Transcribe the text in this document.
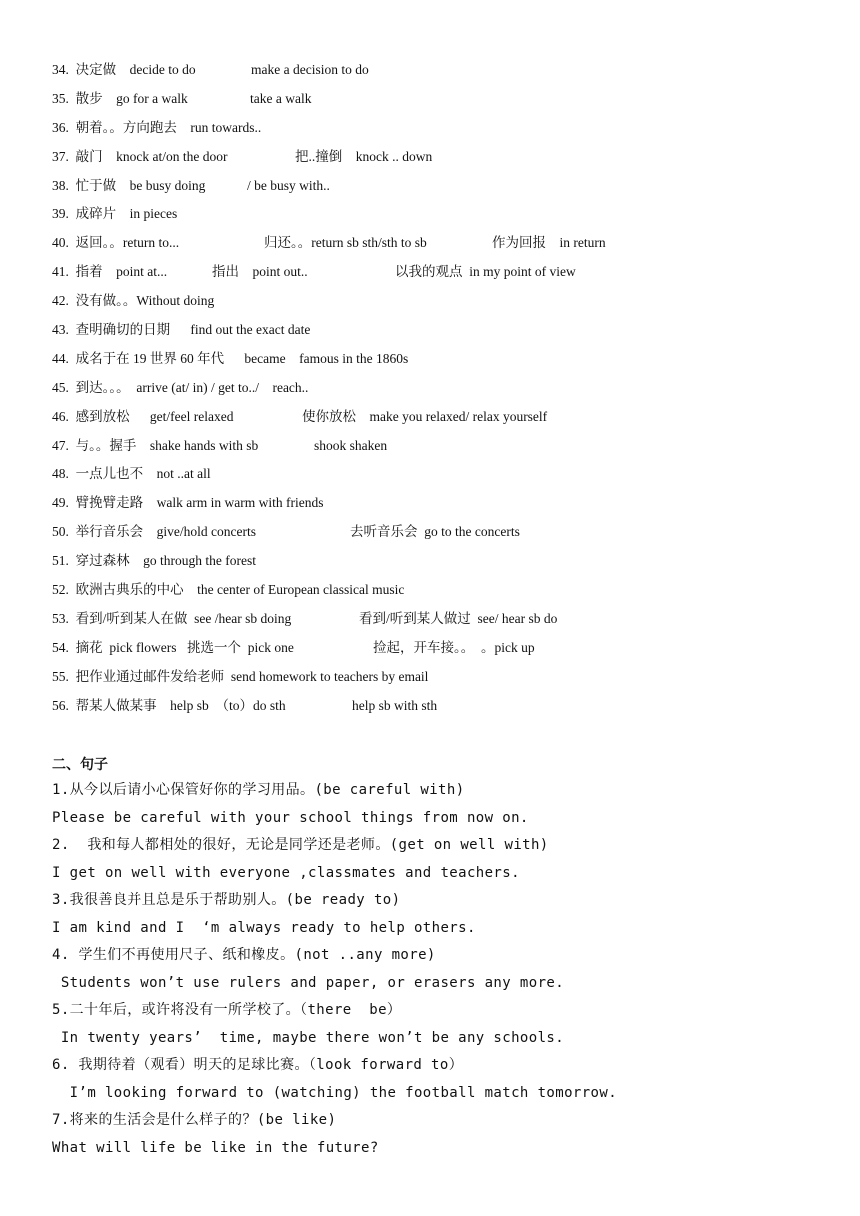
34.  决定做    decide to do	make a decision to do
35.  散步    go for a walk	take a walk
36.  朝着。。方向跑去    run towards..
37.  敲门    knock at/on the door	把..撞倒    knock .. down
38.  忙于做    be busy doing	/ be busy with..
39.  成碎片    in pieces
40.  返回。。return to...	归还。。return sb sth/sth to sb	作为回报    in return
41.  指着    point at...	指出    point out..	以我的观点  in my point of view
42.  没有做。。Without doing
43.  查明确切的日期      find out the exact date
44.  成名于在 19 世界 60 年代      became    famous in the 1860s
45.  到达。。。  arrive (at/ in) / get to../    reach..
46.  感到放松      get/feel relaxed	使你放松    make you relaxed/ relax yourself
47.  与。。握手    shake hands with sb	shook shaken
48.  一点儿也不    not ..at all
49.  臂挽臂走路    walk arm in warm with friends
50.  举行音乐会    give/hold concerts	去听音乐会  go to the concerts
51.  穿过森林    go through the forest
52.  欧洲古典乐的中心    the center of European classical music
53.  看到/听到某人在做  see /hear sb doing	看到/听到某人做过  see/ hear sb do
54.  摘花  pick flowers 挑选一个  pick one	捡起，开车接。。  。pick up
55.  把作业通过邮件发给老师  send homework to teachers by email
56.  帮某人做某事    help sb  （to）do sth	help sb with sth
二、句子
1.从今以后请小心保管好你的学习用品。(be careful with)
Please be careful with your school things from now on.
2.  我和每人都相处的很好，无论是同学还是老师。(get on well with)
I get on well with everyone ,classmates and teachers.
3.我很善良并且总是乐于帮助别人。(be ready to)
I am kind and I  ‘m always ready to help others.
4. 学生们不再使用尺子、纸和橡皮。(not ..any more)
Students won’t use rulers and paper, or erasers any more.
5.二十年后，或许将没有一所学校了。（there  be）
In twenty years’  time, maybe there won’t be any schools.
6. 我期待着（观看）明天的足球比赛。（look forward to）
I’m looking forward to (watching) the football match tomorrow.
7.将来的生活会是什么样子的？(be like)
What will life be like in the future?
